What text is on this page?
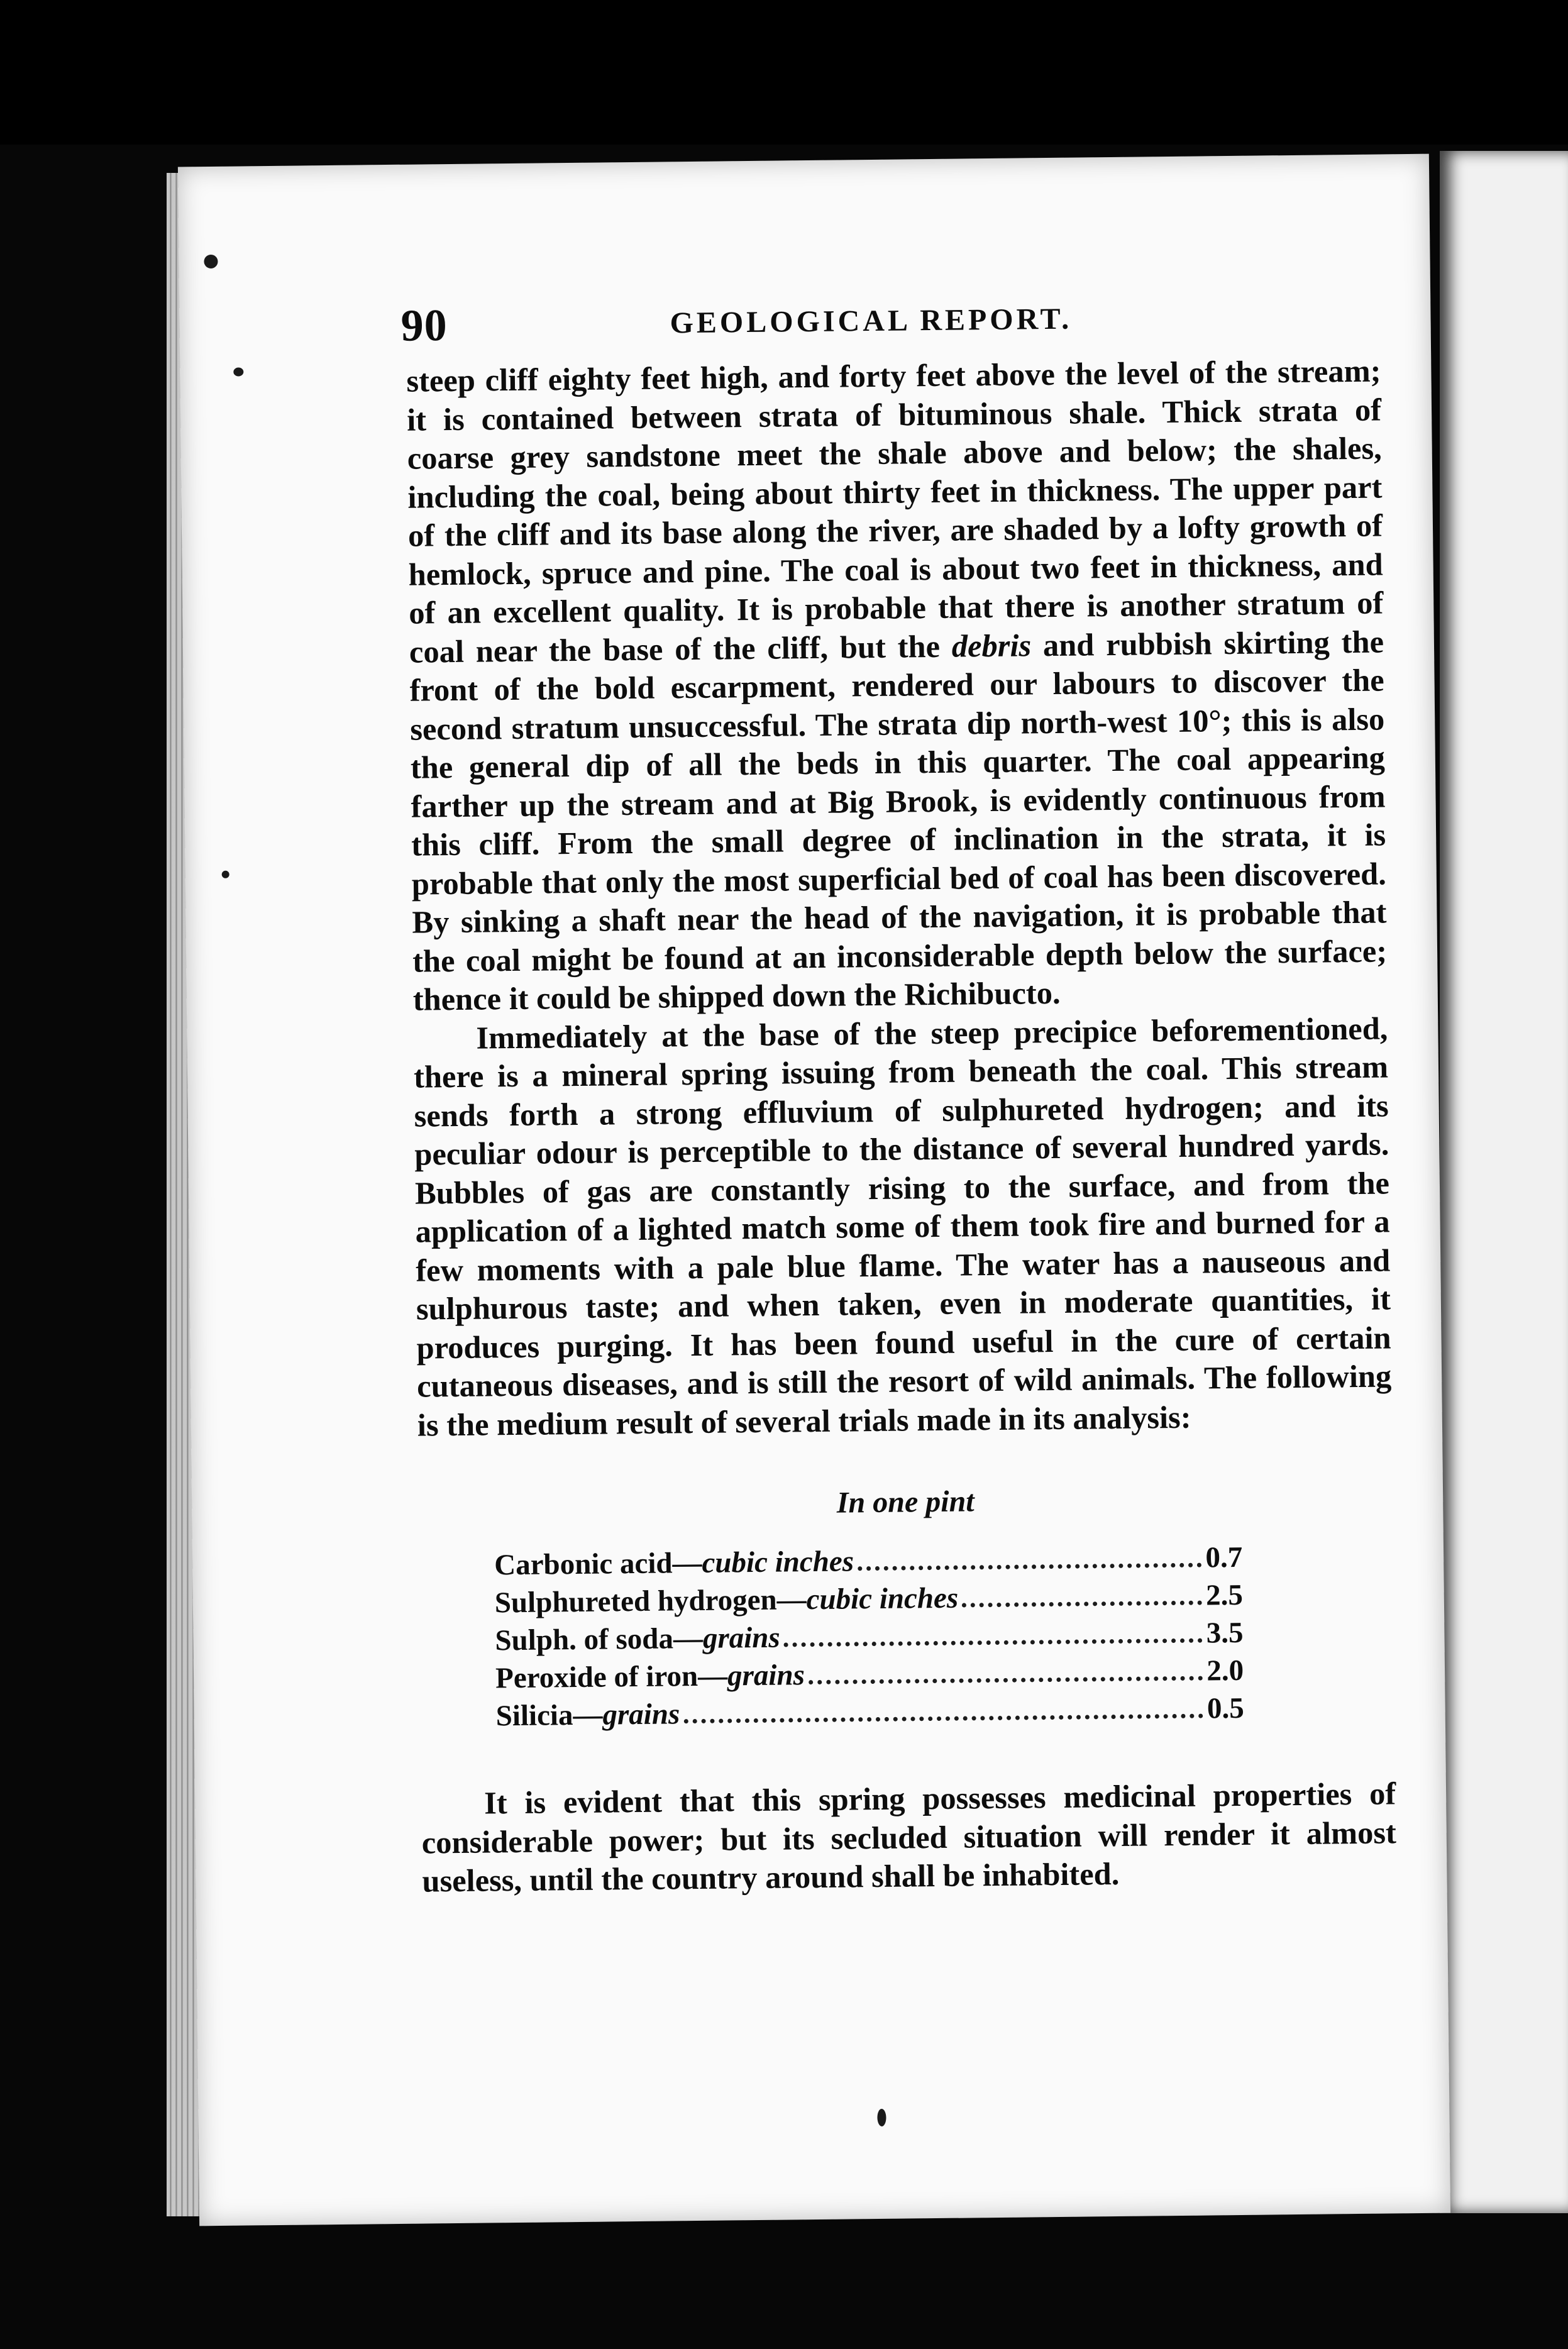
90	GEOLOGICAL REPORT.

steep cliff eighty feet high, and forty feet above the level of the stream; it is contained between strata of bituminous shale. Thick strata of coarse grey sandstone meet the shale above and below; the shales, including the coal, being about thirty feet in thickness. The upper part of the cliff and its base along the river, are shaded by a lofty growth of hemlock, spruce and pine. The coal is about two feet in thickness, and of an excellent quality. It is probable that there is another stratum of coal near the base of the cliff, but the debris and rubbish skirting the front of the bold escarpment, rendered our labours to discover the second stratum unsuccessful. The strata dip north-west 10°; this is also the general dip of all the beds in this quarter. The coal appearing farther up the stream and at Big Brook, is evidently continuous from this cliff. From the small degree of inclination in the strata, it is probable that only the most superficial bed of coal has been discovered. By sinking a shaft near the head of the navigation, it is probable that the coal might be found at an inconsiderable depth below the surface; thence it could be shipped down the Richibucto.

Immediately at the base of the steep precipice beforementioned, there is a mineral spring issuing from beneath the coal. This stream sends forth a strong effluvium of sulphureted hydrogen; and its peculiar odour is perceptible to the distance of several hundred yards. Bubbles of gas are constantly rising to the surface, and from the application of a lighted match some of them took fire and burned for a few moments with a pale blue flame. The water has a nauseous and sulphurous taste; and when taken, even in moderate quantities, it produces purging. It has been found useful in the cure of certain cutaneous diseases, and is still the resort of wild animals. The following is the medium result of several trials made in its analysis:

In one pint
Carbonic acid— cubic inches	0.7
Sulphureted hydrogen— cubic inches	2.5
Sulph. of soda— grains	3.5
Peroxide of iron— grains	2.0
Silicia— grains	0.5

It is evident that this spring possesses medicinal properties of considerable power; but its secluded situation will render it almost useless, until the country around shall be inhabited.
